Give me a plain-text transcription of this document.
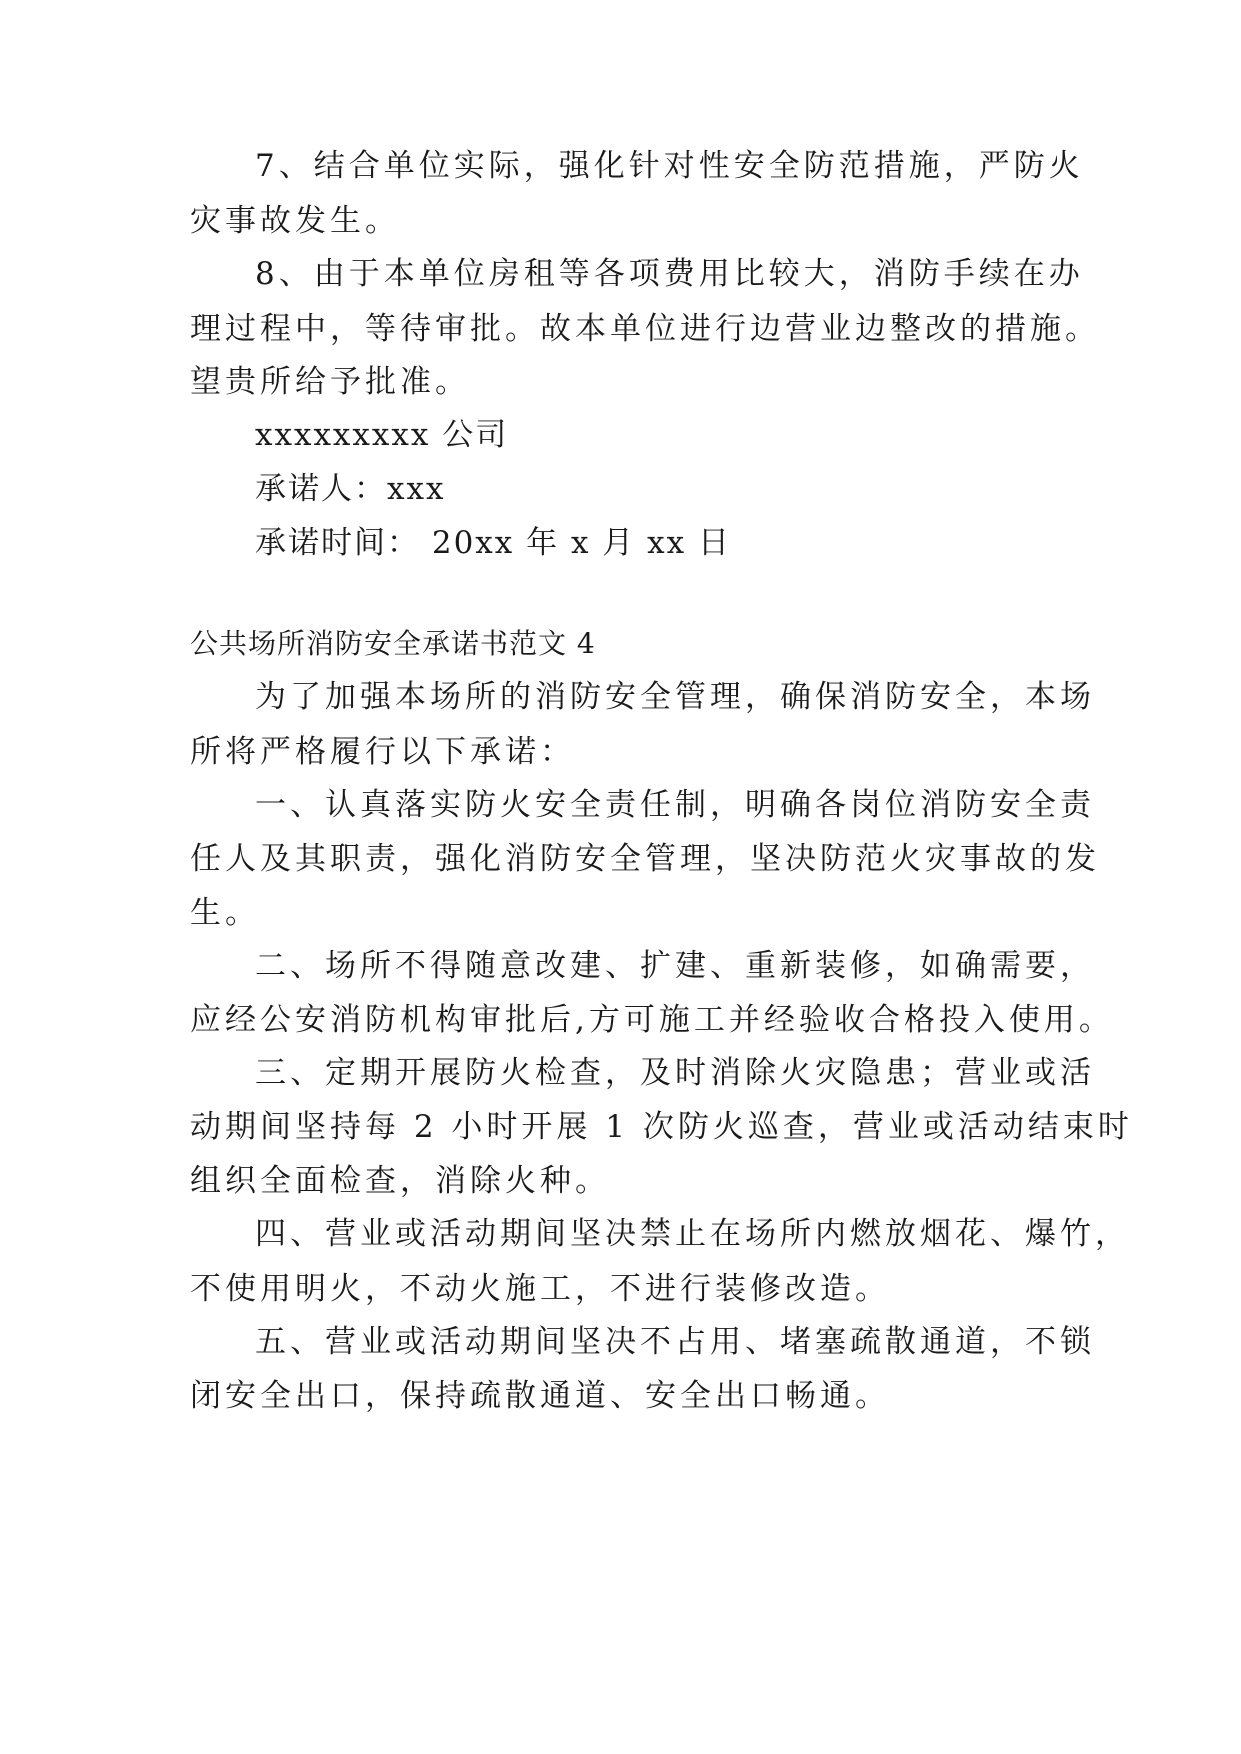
7、结合单位实际，强化针对性安全防范措施，严防火
灾事故发生。
8、由于本单位房租等各项费用比较大，消防手续在办
理过程中，等待审批。故本单位进行边营业边整改的措施。
望贵所给予批准。
xxxxxxxxx 公司
承诺人：xxx
承诺时间： 20xx 年 x 月 xx 日
公共场所消防安全承诺书范文 4
为了加强本场所的消防安全管理，确保消防安全，本场
所将严格履行以下承诺：
一、认真落实防火安全责任制，明确各岗位消防安全责
任人及其职责，强化消防安全管理，坚决防范火灾事故的发
生。
二、场所不得随意改建、扩建、重新装修，如确需要，
应经公安消防机构审批后,方可施工并经验收合格投入使用。
三、定期开展防火检查，及时消除火灾隐患；营业或活
动期间坚持每 2 小时开展 1 次防火巡查，营业或活动结束时
组织全面检查，消除火种。
四、营业或活动期间坚决禁止在场所内燃放烟花、爆竹，
不使用明火，不动火施工，不进行装修改造。
五、营业或活动期间坚决不占用、堵塞疏散通道，不锁
闭安全出口，保持疏散通道、安全出口畅通。
